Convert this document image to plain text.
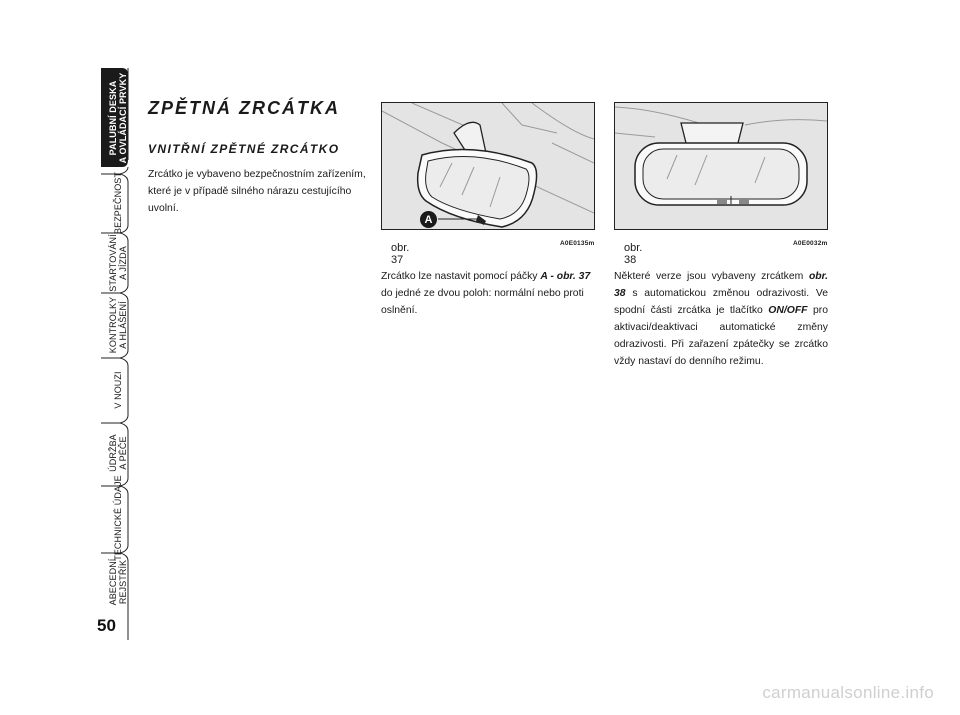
PALUBNÍ DESKA A OVLÁDACÍ PRVKY
BEZPEČNOST
STARTOVÁNÍ A JÍZDA
KONTROLKY A HLÁŠENÍ
V NOUZI
ÚDRŽBA A PÉČE
TECHNICKÉ ÚDAJE
ABECEDNÍ REJSTŘÍK
50
ZPĚTNÁ ZRCÁTKA
VNITŘNÍ ZPĚTNÉ ZRCÁTKO

Zrcátko je vybaveno bezpečnostním zařízením, které je v případě silného nárazu cestujícího uvolní.

A
obr. 37
A0E0135m

Zrcátko lze nastavit pomocí páčky A - obr. 37 do jedné ze dvou poloh: normální nebo proti oslnění.

obr. 38
A0E0032m

Některé verze jsou vybaveny zrcátkem obr. 38 s automatickou změnou odrazivosti. Ve spodní části zrcátka je tlačítko ON/OFF pro aktivaci/deaktivaci automatické změny odrazivosti. Při zařazení zpátečky se zrcátko vždy nastaví do denního režimu.

carmanualsonline.info
